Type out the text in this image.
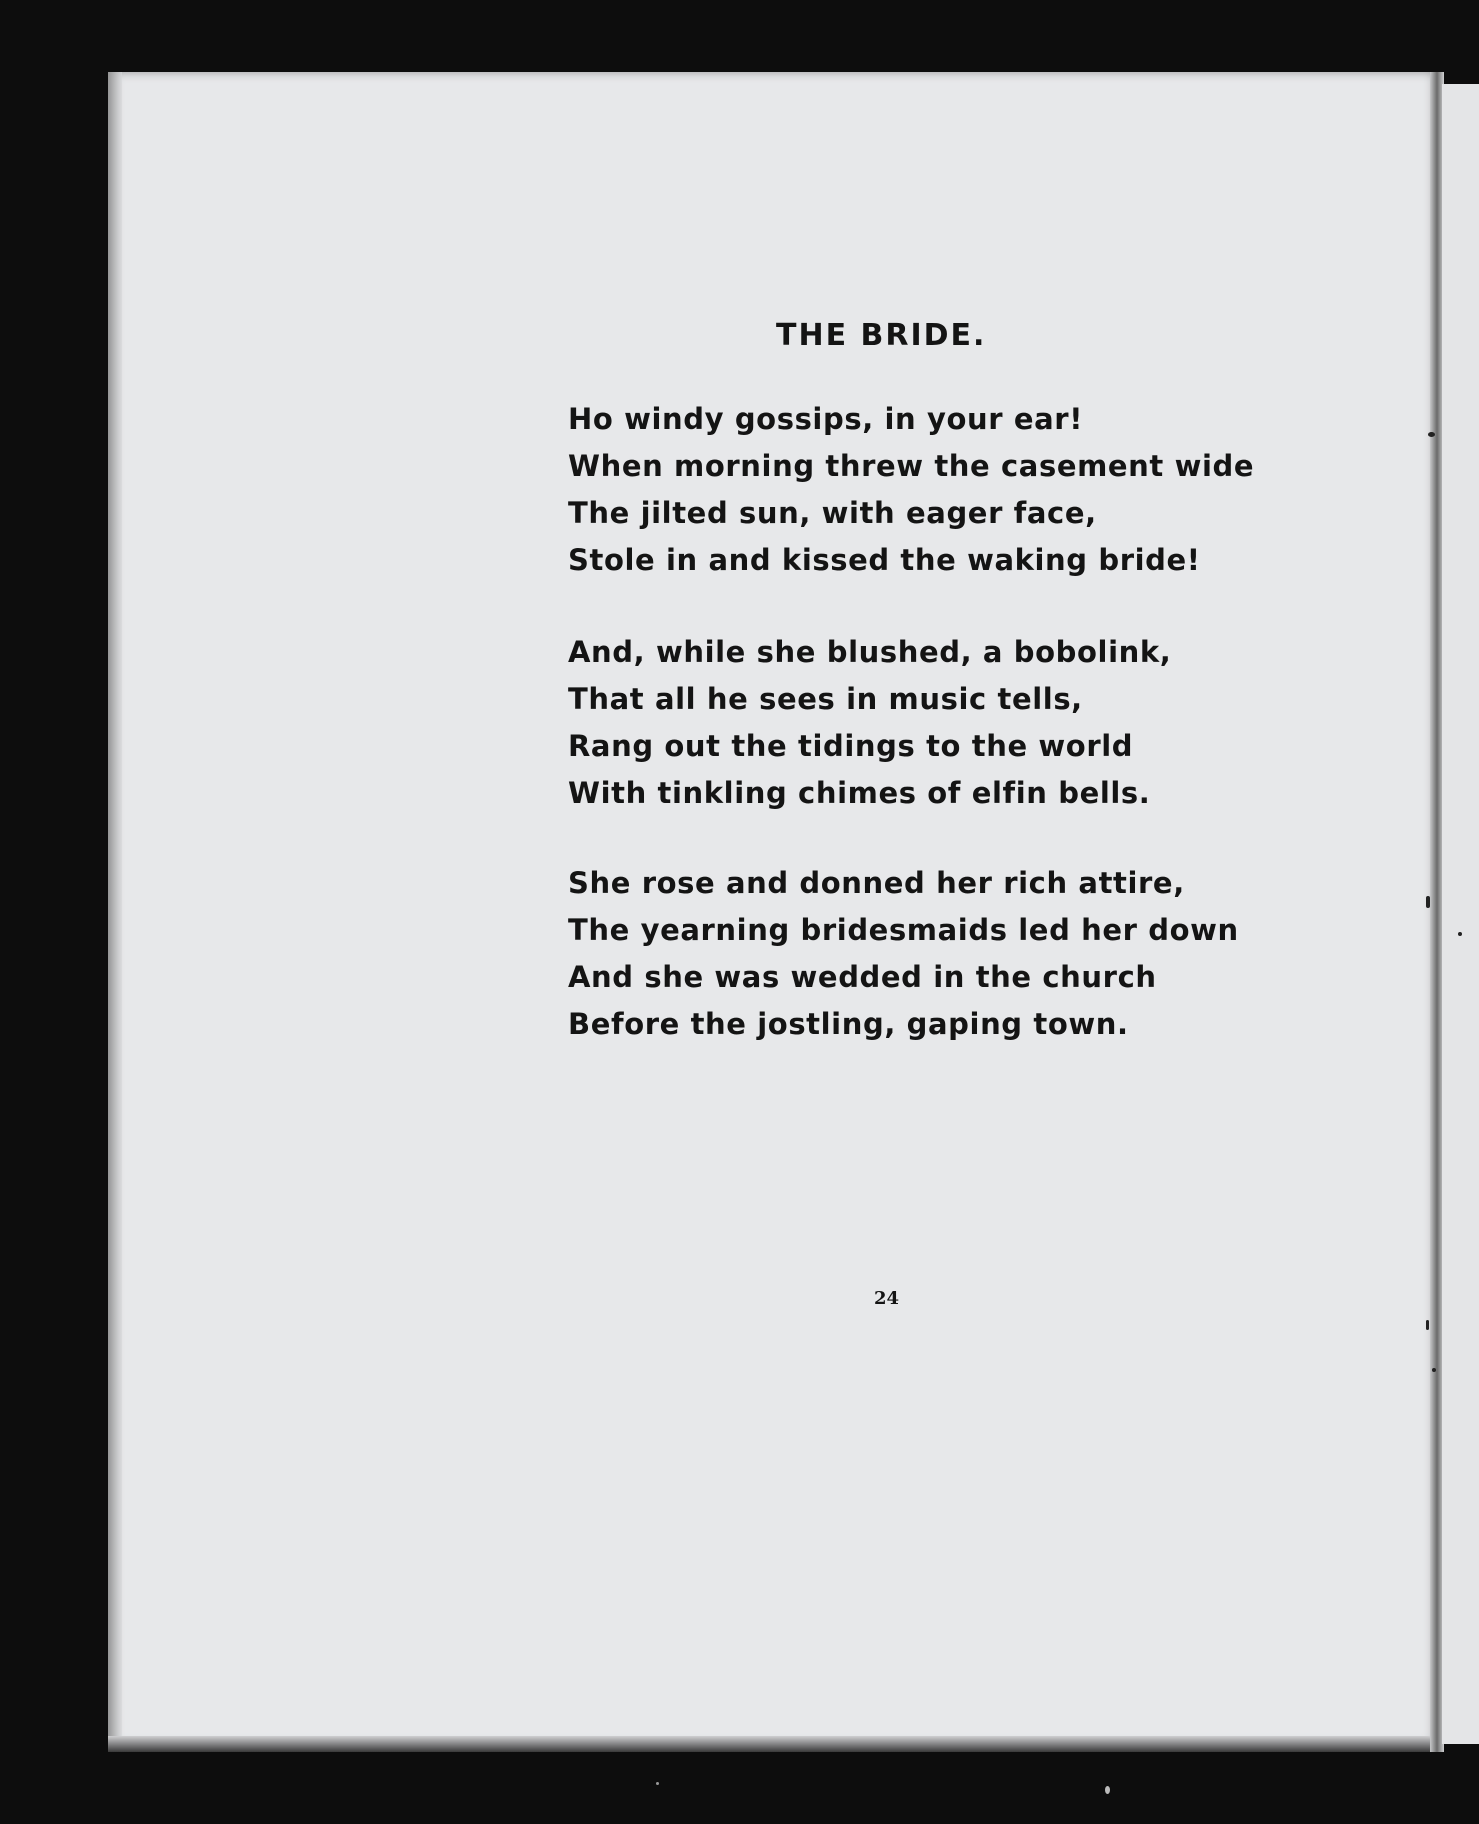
THE BRIDE.
Ho windy gossips, in your ear!
When morning threw the casement wide
The jilted sun, with eager face,
Stole in and kissed the waking bride!
And, while she blushed, a bobolink,
That all he sees in music tells,
Rang out the tidings to the world
With tinkling chimes of elfin bells.
She rose and donned her rich attire,
The yearning bridesmaids led her down
And she was wedded in the church
Before the jostling, gaping town.
24
